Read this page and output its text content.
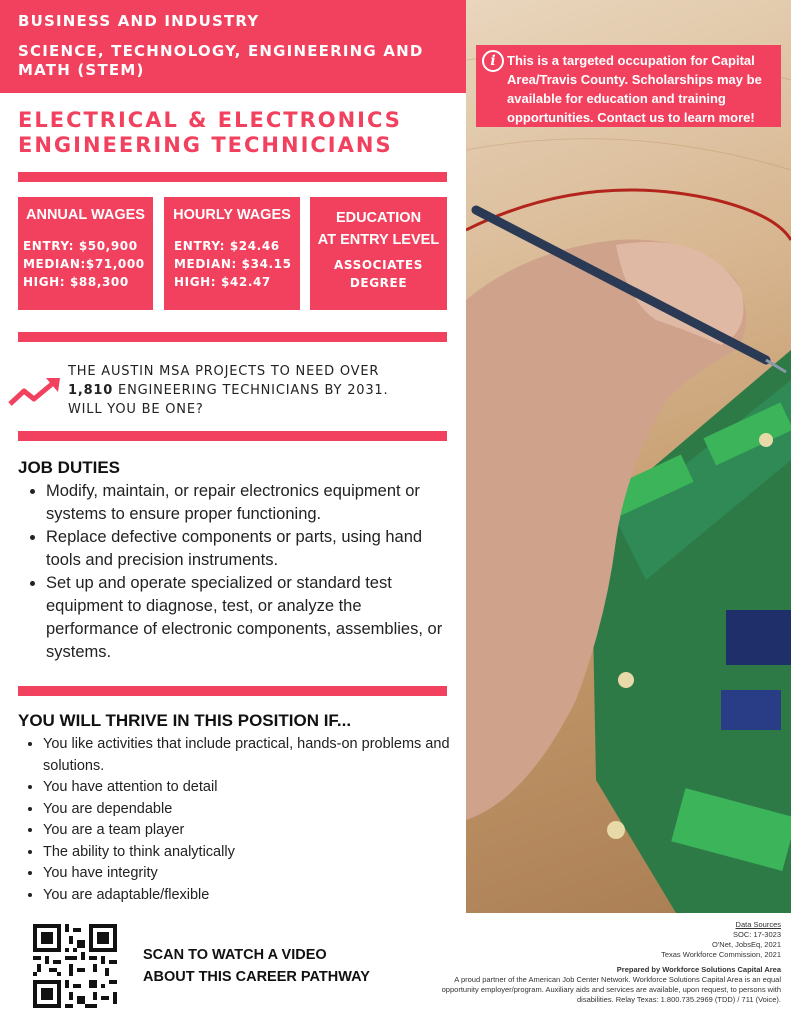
BUSINESS AND INDUSTRY
SCIENCE, TECHNOLOGY, ENGINEERING AND MATH (STEM)	i This is a targeted occupation for Capital Area/Travis County. Scholarships may be available for education and training opportunities. Contact us to learn more!
ELECTRICAL & ELECTRONICS
ENGINEERING TECHNICIANS
ANNUAL WAGES
ENTRY: $50,900
MEDIAN:$71,000
HIGH: $88,300
HOURLY WAGES
ENTRY: $24.46
MEDIAN: $34.15
HIGH: $42.47
EDUCATION
AT ENTRY LEVEL
ASSOCIATES
DEGREE
THE AUSTIN MSA PROJECTS TO NEED OVER
1,810 ENGINEERING TECHNICIANS BY 2031.
WILL YOU BE ONE?
JOB DUTIES
• Modify, maintain, or repair electronics equipment or systems to ensure proper functioning.
• Replace defective components or parts, using hand tools and precision instruments.
• Set up and operate specialized or standard test equipment to diagnose, test, or analyze the performance of electronic components, assemblies, or systems.
YOU WILL THRIVE IN THIS POSITION IF...
• You like activities that include practical, hands-on problems and solutions.
• You have attention to detail
• You are dependable
• You are a team player
• The ability to think analytically
• You have integrity
• You are adaptable/flexible
SCAN TO WATCH A VIDEO
ABOUT THIS CAREER PATHWAY
Data Sources
SOC: 17-3023
O'Net, JobsEq, 2021
Texas Workforce Commission, 2021
Prepared by Workforce Solutions Capital Area
A proud partner of the American Job Center Network. Workforce Solutions Capital Area is an equal opportunity employer/program. Auxiliary aids and services are available, upon request, to persons with disabilities. Relay Texas: 1.800.735.2969 (TDD) / 711 (Voice).
